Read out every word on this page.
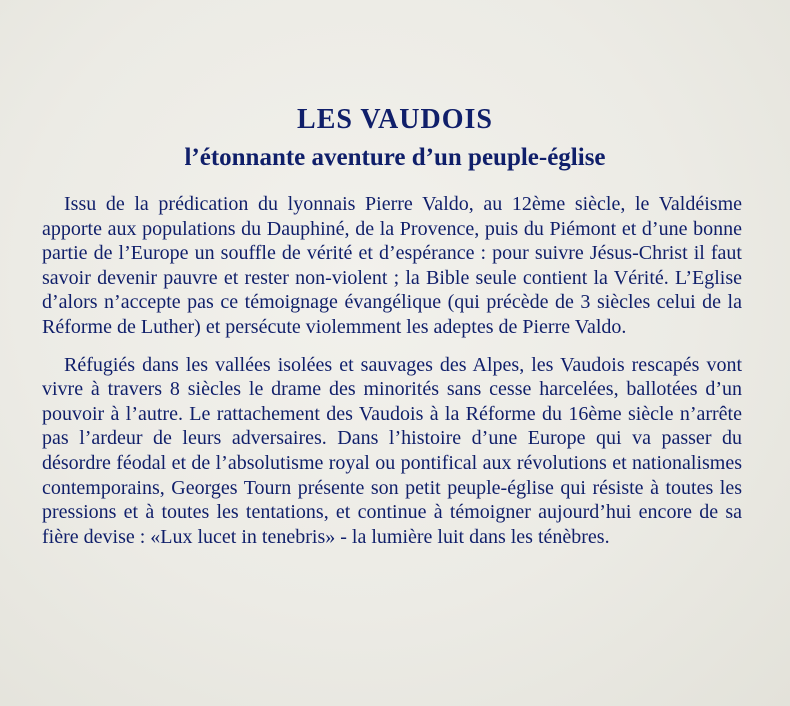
LES VAUDOIS
l’étonnante aventure d’un peuple-église

Issu de la prédication du lyonnais Pierre Valdo, au 12ème siècle, le Valdéisme apporte aux populations du Dauphiné, de la Provence, puis du Piémont et d’une bonne partie de l’Europe un souffle de vérité et d’espérance : pour suivre Jésus-Christ il faut savoir devenir pauvre et rester non-violent ; la Bible seule contient la Vérité. L’Eglise d’alors n’accepte pas ce témoignage évangélique (qui précède de 3 siècles celui de la Réforme de Luther) et persécute violemment les adeptes de Pierre Valdo.

Réfugiés dans les vallées isolées et sauvages des Alpes, les Vaudois rescapés vont vivre à travers 8 siècles le drame des minorités sans cesse harcelées, ballotées d’un pouvoir à l’autre. Le rattachement des Vaudois à la Réforme du 16ème siècle n’arrête pas l’ardeur de leurs adversaires. Dans l’histoire d’une Europe qui va passer du désordre féodal et de l’absolutisme royal ou pontifical aux révolutions et nationalismes contemporains, Georges Tourn présente son petit peuple-église qui résiste à toutes les pressions et à toutes les tentations, et continue à témoigner aujourd’hui encore de sa fière devise : «Lux lucet in tenebris» - la lumière luit dans les ténèbres.
